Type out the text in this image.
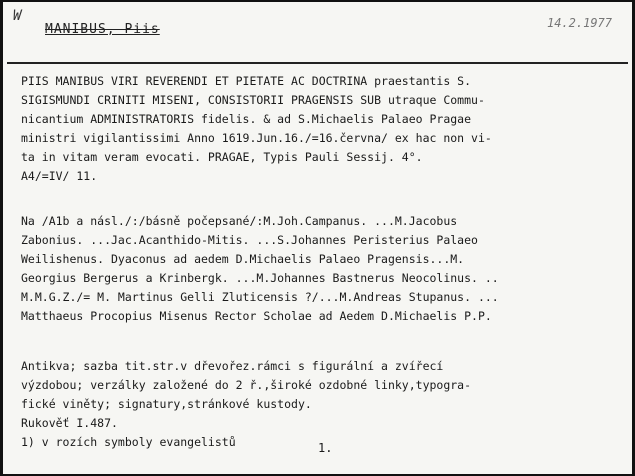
W
MANIBUS, Piis	14.2.1977
PIIS MANIBUS VIRI REVERENDI ET PIETATE AC DOCTRINA praestantis S.
SIGISMUNDI CRINITI MISENI, CONSISTORII PRAGENSIS SUB utraque Commu-
nicantium ADMINISTRATORIS fidelis. & ad S.Michaelis Palaeo Pragae
ministri vigilantissimi Anno 1619.Jun.16./=16.června/ ex hac non vi-
ta in vitam veram evocati. PRAGAE, Typis Pauli Sessij. 4°.
A4/=IV/ 11.
Na /A1b a násl./:/básně počepsané/:M.Joh.Campanus. ...M.Jacobus
Zabonius. ...Jac.Acanthido-Mitis. ...S.Johannes Peristerius Palaeo
Weilishenus. Dyaconus ad aedem D.Michaelis Palaeo Pragensis...M.
Georgius Bergerus a Krinbergk. ...M.Johannes Bastnerus Neocolinus. ..
M.M.G.Z./= M. Martinus Gelli Zluticensis ?/...M.Andreas Stupanus. ...
Matthaeus Procopius Misenus Rector Scholae ad Aedem D.Michaelis P.P.
Antikva; sazba tit.str.v dřevořez.rámci s figurální a zvířecí
výzdobou; verzálky založené do 2 ř.,široké ozdobné linky,typogra-
fické viněty; signatury,stránkové kustody.
Rukověť I.487.
1) v rozích symboly evangelistů	1.
